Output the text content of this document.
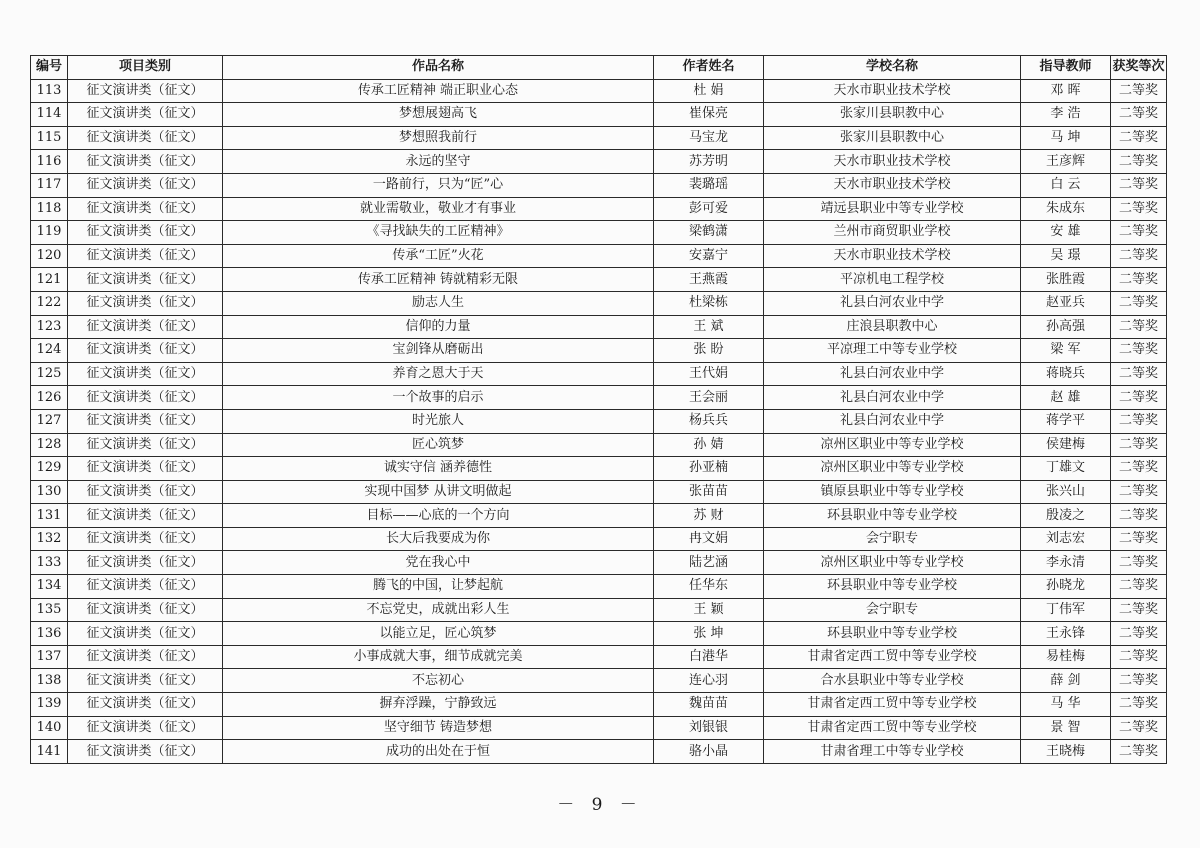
编号	项目类别	作品名称	作者姓名	学校名称	指导教师	获奖等次
113	征文演讲类（征文）	传承工匠精神 端正职业心态	杜 娟	天水市职业技术学校	邓 晖	二等奖
114	征文演讲类（征文）	梦想展翅高飞	崔保亮	张家川县职教中心	李 浩	二等奖
115	征文演讲类（征文）	梦想照我前行	马宝龙	张家川县职教中心	马 坤	二等奖
116	征文演讲类（征文）	永远的坚守	苏芳明	天水市职业技术学校	王彦辉	二等奖
117	征文演讲类（征文）	一路前行，只为“匠”心	裴璐瑶	天水市职业技术学校	白 云	二等奖
118	征文演讲类（征文）	就业需敬业，敬业才有事业	彭可爱	靖远县职业中等专业学校	朱成东	二等奖
119	征文演讲类（征文）	《寻找缺失的工匠精神》	梁鹤潇	兰州市商贸职业学校	安 雄	二等奖
120	征文演讲类（征文）	传承“工匠”火花	安嘉宁	天水市职业技术学校	吴 璟	二等奖
121	征文演讲类（征文）	传承工匠精神 铸就精彩无限	王燕霞	平凉机电工程学校	张胜霞	二等奖
122	征文演讲类（征文）	励志人生	杜梁栋	礼县白河农业中学	赵亚兵	二等奖
123	征文演讲类（征文）	信仰的力量	王 斌	庄浪县职教中心	孙高强	二等奖
124	征文演讲类（征文）	宝剑锋从磨砺出	张 盼	平凉理工中等专业学校	梁 军	二等奖
125	征文演讲类（征文）	养育之恩大于天	王代娟	礼县白河农业中学	蒋晓兵	二等奖
126	征文演讲类（征文）	一个故事的启示	王会丽	礼县白河农业中学	赵 雄	二等奖
127	征文演讲类（征文）	时光旅人	杨兵兵	礼县白河农业中学	蒋学平	二等奖
128	征文演讲类（征文）	匠心筑梦	孙 婧	凉州区职业中等专业学校	侯建梅	二等奖
129	征文演讲类（征文）	诚实守信 涵养德性	孙亚楠	凉州区职业中等专业学校	丁雄文	二等奖
130	征文演讲类（征文）	实现中国梦 从讲文明做起	张苗苗	镇原县职业中等专业学校	张兴山	二等奖
131	征文演讲类（征文）	目标——心底的一个方向	苏 财	环县职业中等专业学校	殷凌之	二等奖
132	征文演讲类（征文）	长大后我要成为你	冉文娟	会宁职专	刘志宏	二等奖
133	征文演讲类（征文）	党在我心中	陆艺涵	凉州区职业中等专业学校	李永清	二等奖
134	征文演讲类（征文）	腾飞的中国，让梦起航	任华东	环县职业中等专业学校	孙晓龙	二等奖
135	征文演讲类（征文）	不忘党史，成就出彩人生	王 颖	会宁职专	丁伟军	二等奖
136	征文演讲类（征文）	以能立足，匠心筑梦	张 坤	环县职业中等专业学校	王永锋	二等奖
137	征文演讲类（征文）	小事成就大事，细节成就完美	白港华	甘肃省定西工贸中等专业学校	易桂梅	二等奖
138	征文演讲类（征文）	不忘初心	连心羽	合水县职业中等专业学校	薛 剑	二等奖
139	征文演讲类（征文）	摒弃浮躁，宁静致远	魏苗苗	甘肃省定西工贸中等专业学校	马 华	二等奖
140	征文演讲类（征文）	坚守细节 铸造梦想	刘银银	甘肃省定西工贸中等专业学校	景 智	二等奖
141	征文演讲类（征文）	成功的出处在于恒	骆小晶	甘肃省理工中等专业学校	王晓梅	二等奖
－ 9 －
